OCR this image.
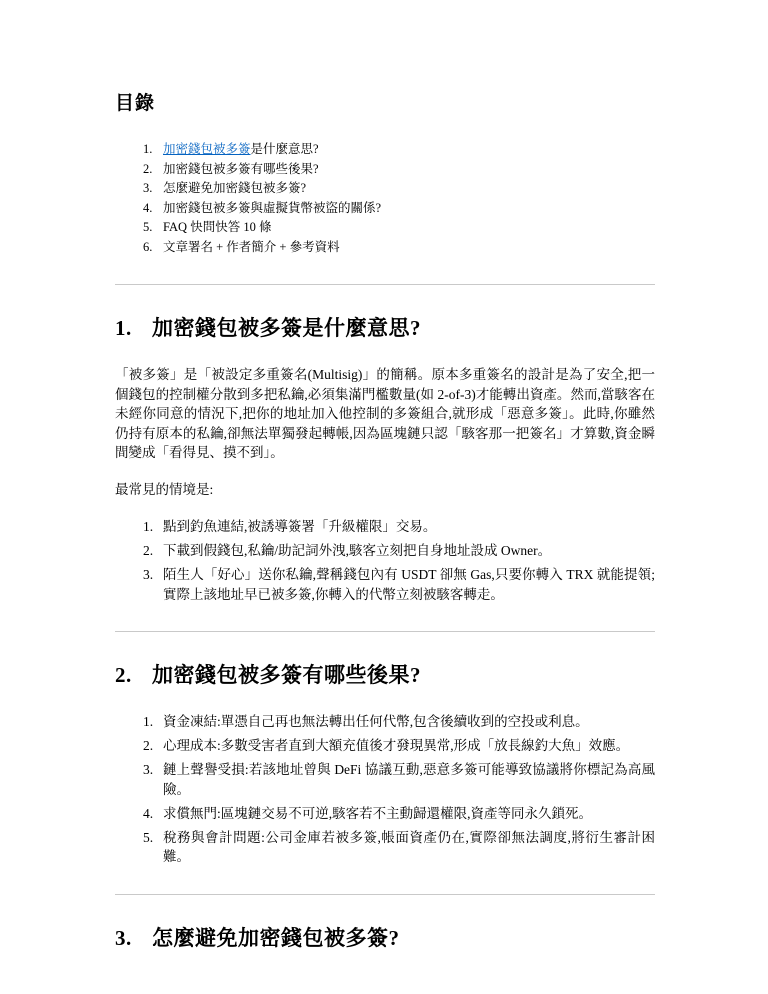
目錄
1. 加密錢包被多簽是什麼意思?
2. 加密錢包被多簽有哪些後果?
3. 怎麼避免加密錢包被多簽?
4. 加密錢包被多簽與虛擬貨幣被盜的關係?
5. FAQ 快問快答 10 條
6. 文章署名 + 作者簡介 + 參考資料
1. 加密錢包被多簽是什麼意思?

「被多簽」是「被設定多重簽名(Multisig)」的簡稱。原本多重簽名的設計是為了安全,把一個錢包的控制權分散到多把私鑰,必須集滿門檻數量(如 2-of-3)才能轉出資產。然而,當駭客在未經你同意的情況下,把你的地址加入他控制的多簽組合,就形成「惡意多簽」。此時,你雖然仍持有原本的私鑰,卻無法單獨發起轉帳,因為區塊鏈只認「駭客那一把簽名」才算數,資金瞬間變成「看得見、摸不到」。

最常見的情境是:

1. 點到釣魚連結,被誘導簽署「升級權限」交易。
2. 下載到假錢包,私鑰/助記詞外洩,駭客立刻把自身地址設成 Owner。
3. 陌生人「好心」送你私鑰,聲稱錢包內有 USDT 卻無 Gas,只要你轉入 TRX 就能提領;實際上該地址早已被多簽,你轉入的代幣立刻被駭客轉走。
2. 加密錢包被多簽有哪些後果?
1. 資金凍結:單憑自己再也無法轉出任何代幣,包含後續收到的空投或利息。
2. 心理成本:多數受害者直到大額充值後才發現異常,形成「放長線釣大魚」效應。
3. 鏈上聲譽受損:若該地址曾與 DeFi 協議互動,惡意多簽可能導致協議將你標記為高風險。
4. 求償無門:區塊鏈交易不可逆,駭客若不主動歸還權限,資產等同永久鎖死。
5. 稅務與會計問題:公司金庫若被多簽,帳面資產仍在,實際卻無法調度,將衍生審計困難。
3. 怎麼避免加密錢包被多簽?
